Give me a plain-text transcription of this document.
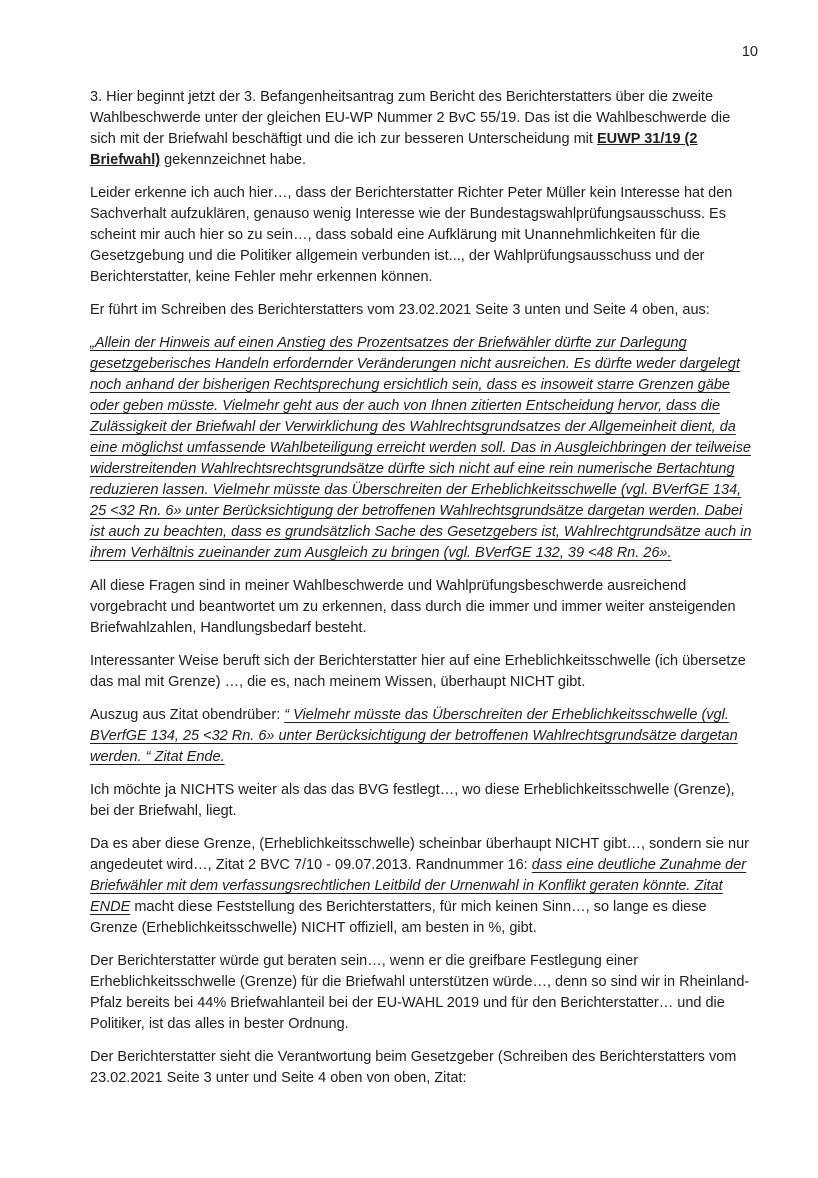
10

3. Hier beginnt jetzt der 3. Befangenheitsantrag zum Bericht des Berichterstatters über die zweite Wahlbeschwerde unter der gleichen EU-WP Nummer 2 BvC 55/19. Das ist die Wahlbeschwerde die sich mit der Briefwahl beschäftigt und die ich zur besseren Unterscheidung mit EUWP 31/19 (2 Briefwahl) gekennzeichnet habe.

Leider erkenne ich auch hier…, dass der Berichterstatter Richter Peter Müller kein Interesse hat den Sachverhalt aufzuklären, genauso wenig Interesse wie der Bundestagswahlprüfungsausschuss. Es scheint mir auch hier so zu sein…, dass sobald eine Aufklärung mit Unannehmlichkeiten für die Gesetzgebung und die Politiker allgemein verbunden ist..., der Wahlprüfungsausschuss und der Berichterstatter, keine Fehler mehr erkennen können.

Er führt im Schreiben des Berichterstatters vom 23.02.2021 Seite 3 unten und Seite 4 oben, aus:

„Allein der Hinweis auf einen Anstieg des Prozentsatzes der Briefwähler dürfte zur Darlegung gesetzgeberisches Handeln erfordernder Veränderungen nicht ausreichen. Es dürfte weder dargelegt noch anhand der bisherigen Rechtsprechung ersichtlich sein, dass es insoweit starre Grenzen gäbe oder geben müsste. Vielmehr geht aus der auch von Ihnen zitierten Entscheidung hervor, dass die Zulässigkeit der Briefwahl der Verwirklichung des Wahlrechtsgrundsatzes der Allgemeinheit dient, da eine möglichst umfassende Wahlbeteiligung erreicht werden soll. Das in Ausgleichbringen der teilweise widerstreitenden Wahlrechtsrechtsgrundsätze dürfte sich nicht auf eine rein numerische Bertachtung reduzieren lassen. Vielmehr müsste das Überschreiten der Erheblichkeitsschwelle (vgl. BVerfGE 134, 25 <32 Rn. 6» unter Berücksichtigung der betroffenen Wahlrechtsgrundsätze dargetan werden. Dabei ist auch zu beachten, dass es grundsätzlich Sache des Gesetzgebers ist, Wahlrechtgrundsätze auch in ihrem Verhältnis zueinander zum Ausgleich zu bringen (vgl. BVerfGE 132, 39 <48 Rn. 26».

All diese Fragen sind in meiner Wahlbeschwerde und Wahlprüfungsbeschwerde ausreichend vorgebracht und beantwortet um zu erkennen, dass durch die immer und immer weiter ansteigenden Briefwahlzahlen, Handlungsbedarf besteht.

Interessanter Weise beruft sich der Berichterstatter hier auf eine Erheblichkeitsschwelle (ich übersetze das mal mit Grenze) …, die es, nach meinem Wissen, überhaupt NICHT gibt.

Auszug aus Zitat obendrüber: “ Vielmehr müsste das Überschreiten der Erheblichkeitsschwelle (vgl. BVerfGE 134, 25 <32 Rn. 6» unter Berücksichtigung der betroffenen Wahlrechtsgrundsätze dargetan werden. “ Zitat Ende.

Ich möchte ja NICHTS weiter als das das BVG festlegt…, wo diese Erheblichkeitsschwelle (Grenze), bei der Briefwahl, liegt.

Da es aber diese Grenze, (Erheblichkeitsschwelle) scheinbar überhaupt NICHT gibt…, sondern sie nur angedeutet wird…, Zitat 2 BVC 7/10 - 09.07.2013. Randnummer 16: dass eine deutliche Zunahme der Briefwähler mit dem verfassungsrechtlichen Leitbild der Urnenwahl in Konflikt geraten könnte. Zitat ENDE macht diese Feststellung des Berichterstatters, für mich keinen Sinn…, so lange es diese Grenze (Erheblichkeitsschwelle) NICHT offiziell, am besten in %, gibt.

Der Berichterstatter würde gut beraten sein…, wenn er die greifbare Festlegung einer Erheblichkeitsschwelle (Grenze) für die Briefwahl unterstützen würde…, denn so sind wir in Rheinland-Pfalz bereits bei 44% Briefwahlanteil bei der EU-WAHL 2019 und für den Berichterstatter… und die Politiker, ist das alles in bester Ordnung.

Der Berichterstatter sieht die Verantwortung beim Gesetzgeber (Schreiben des Berichterstatters vom 23.02.2021 Seite 3 unter und Seite 4 oben von oben, Zitat:
